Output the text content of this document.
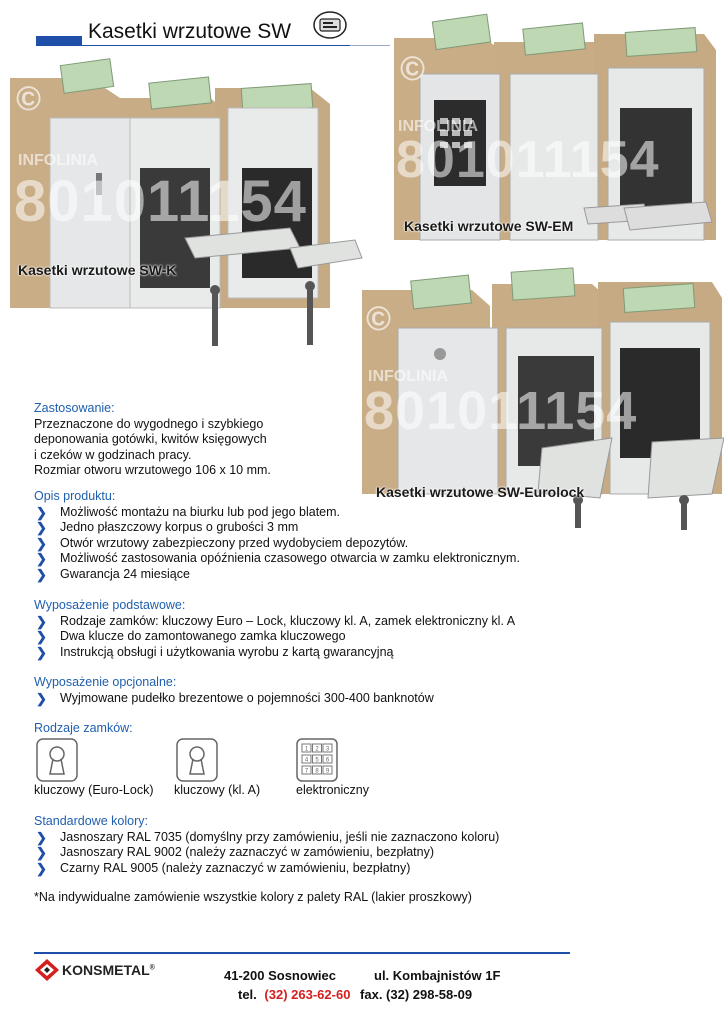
Kasetki wrzutowe SW
©
INFOLINIA
801011154
Kasetki wrzutowe SW-K
©
INFOLINIA
801011154
Kasetki wrzutowe SW-EM
©
INFOLINIA
801011154
Kasetki wrzutowe SW-Eurolock
Zastosowanie:
Przeznaczone do wygodnego i szybkiego
deponowania gotówki, kwitów księgowych
i czeków w godzinach pracy.
Rozmiar otworu wrzutowego 106 x 10 mm.
Opis produktu:
❯ Możliwość montażu na biurku lub pod jego blatem.
❯ Jedno płaszczowy korpus o grubości 3 mm
❯ Otwór wrzutowy zabezpieczony przed wydobyciem depozytów.
❯ Możliwość zastosowania opóźnienia czasowego otwarcia w zamku elektronicznym.
❯ Gwarancja 24 miesiące
Wyposażenie podstawowe:
❯ Rodzaje zamków: kluczowy Euro – Lock, kluczowy kl. A, zamek elektroniczny kl. A
❯ Dwa klucze do zamontowanego zamka kluczowego
❯ Instrukcją obsługi i użytkowania wyrobu z kartą gwarancyjną
Wyposażenie opcjonalne:
❯ Wyjmowane pudełko brezentowe o pojemności 300-400 banknotów
Rodzaje zamków:
1 2 3
4 5 6
7 8 9
kluczowy (Euro-Lock) kluczowy (kl. A)	elektroniczny
Standardowe kolory:
❯ Jasnoszary RAL 7035 (domyślny przy zamówieniu, jeśli nie zaznaczono koloru)
❯ Jasnoszary RAL 9002 (należy zaznaczyć w zamówieniu, bezpłatny)
❯ Czarny RAL 9005 (należy zaznaczyć w zamówieniu, bezpłatny)
*Na indywidualne zamówienie wszystkie kolory z palety RAL (lakier proszkowy)
KONSMETAL®
41-200 Sosnowiec	ul. Kombajnistów 1F
tel. (32) 263-62-60 fax. (32) 298-58-09
